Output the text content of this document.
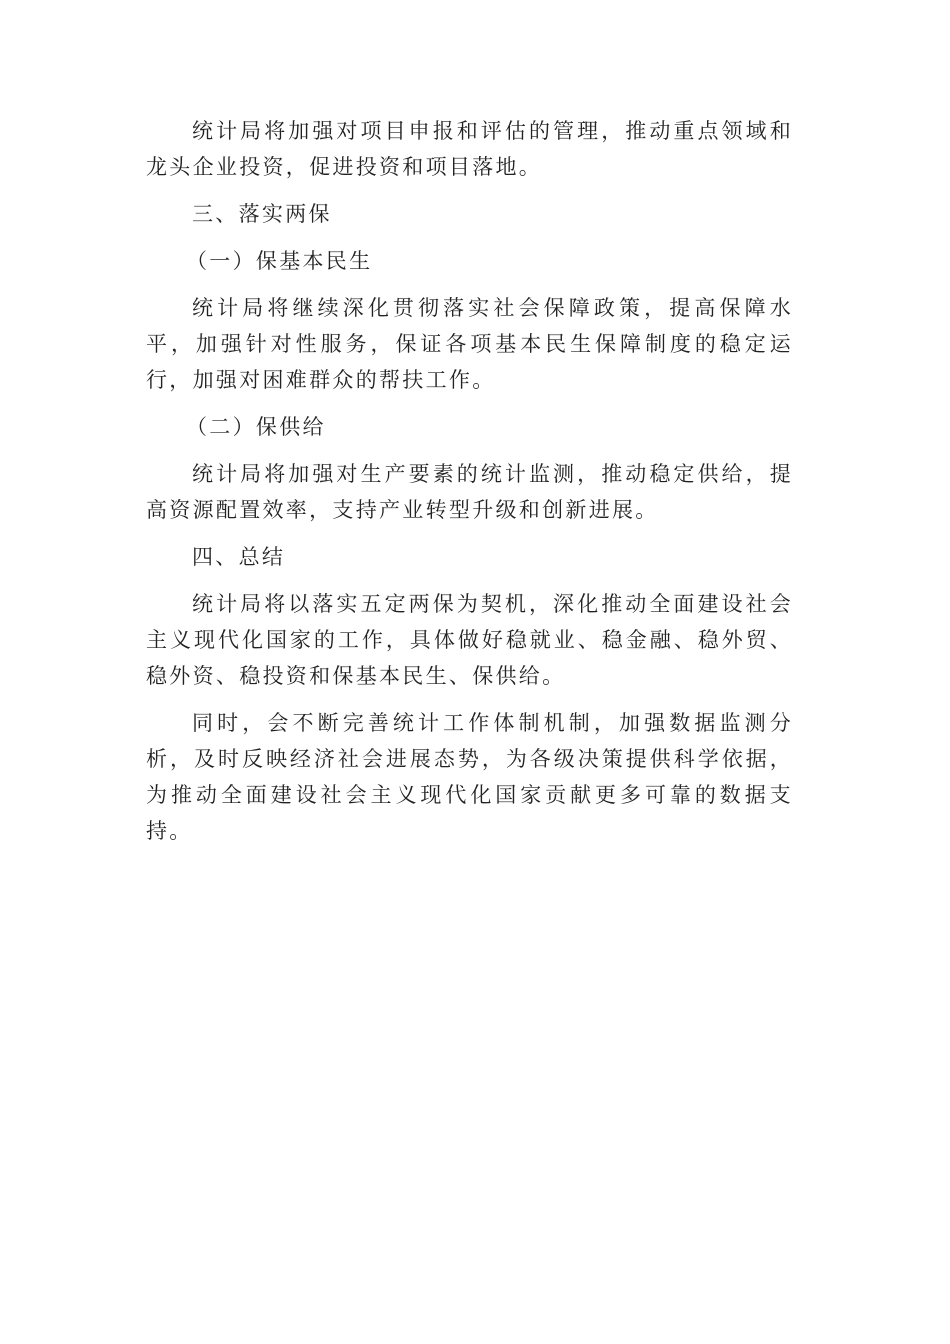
统计局将加强对项目申报和评估的管理，推动重点领域和龙头企业投资，促进投资和项目落地。

三、落实两保

（一）保基本民生

统计局将继续深化贯彻落实社会保障政策，提高保障水平，加强针对性服务，保证各项基本民生保障制度的稳定运行，加强对困难群众的帮扶工作。

（二）保供给

统计局将加强对生产要素的统计监测，推动稳定供给，提高资源配置效率，支持产业转型升级和创新进展。

四、总结

统计局将以落实五定两保为契机，深化推动全面建设社会主义现代化国家的工作，具体做好稳就业、稳金融、稳外贸、稳外资、稳投资和保基本民生、保供给。

同时，会不断完善统计工作体制机制，加强数据监测分析，及时反映经济社会进展态势，为各级决策提供科学依据，为推动全面建设社会主义现代化国家贡献更多可靠的数据支持。
